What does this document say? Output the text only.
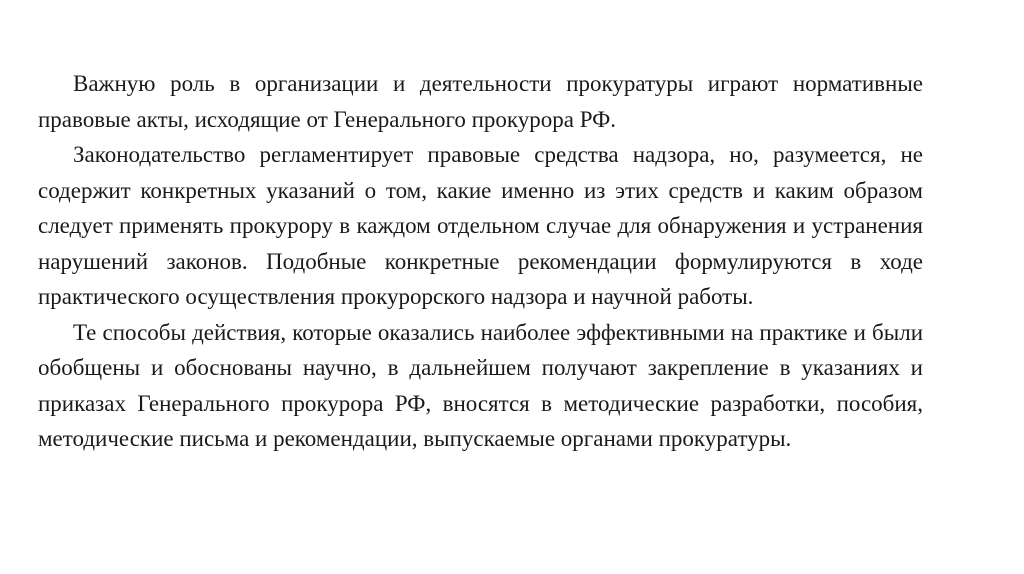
Важную роль в организации и деятельности прокуратуры играют нормативные правовые акты, исходящие от Генерального прокурора РФ.

Законодательство регламентирует правовые средства надзора, но, разумеется, не содержит конкретных указаний о том, какие именно из этих средств и каким образом следует применять прокурору в каждом отдельном случае для обнаружения и устранения нарушений законов. Подобные конкретные рекомендации формулируются в ходе практического осуществления прокурорского надзора и научной работы.

Те способы действия, которые оказались наиболее эффективными на практике и были обобщены и обоснованы научно, в дальнейшем получают закрепление в указаниях и приказах Генерального прокурора РФ, вносятся в методические разработки, пособия, методические письма и рекомендации, выпускаемые органами прокуратуры.
